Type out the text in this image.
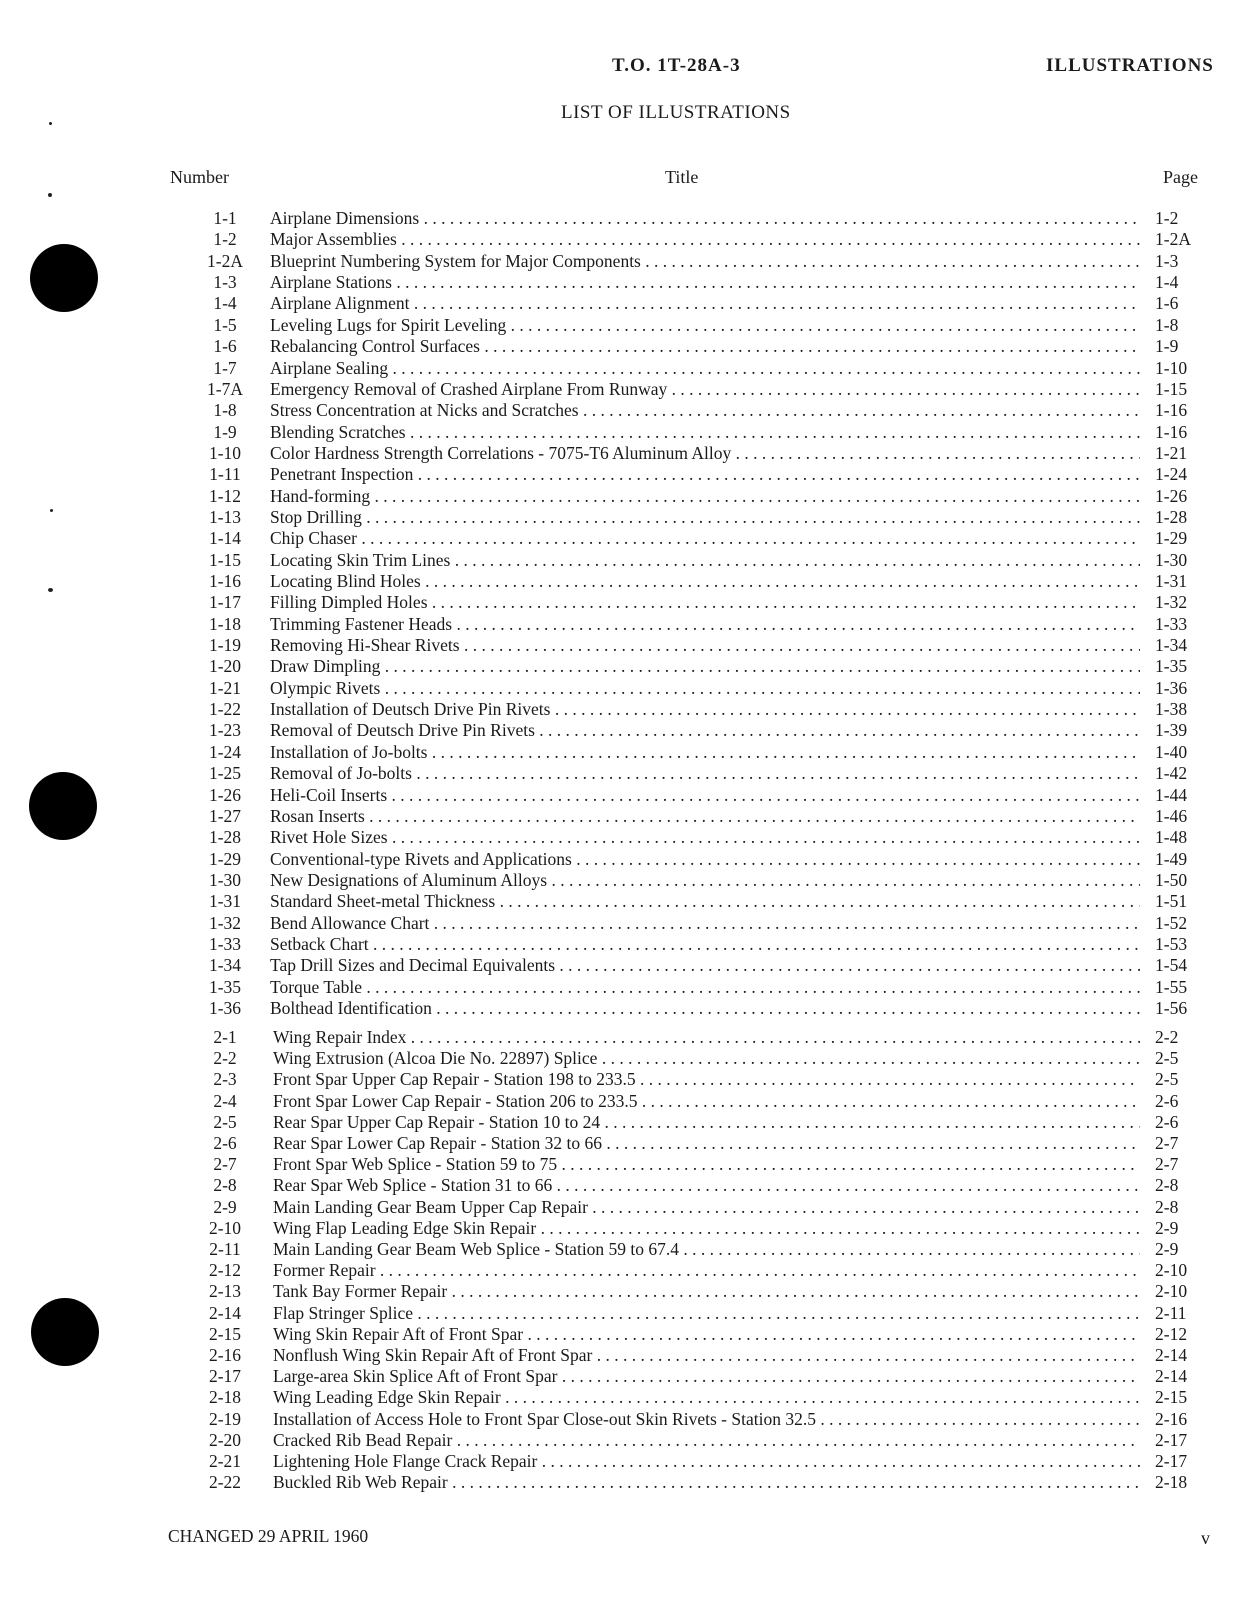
T.O. 1T-28A-3	ILLUSTRATIONS
LIST OF ILLUSTRATIONS
Number	Title	Page
1-1	Airplane Dimensions . . .	1-2
1-2	Major Assemblies . . .	1-2A
1-2A	Blueprint Numbering System for Major Components . . .	1-3
1-3	Airplane Stations . . .	1-4
1-4	Airplane Alignment . . .	1-6
1-5	Leveling Lugs for Spirit Leveling . . .	1-8
1-6	Rebalancing Control Surfaces . . .	1-9
1-7	Airplane Sealing . . .	1-10
1-7A	Emergency Removal of Crashed Airplane From Runway . . .	1-15
1-8	Stress Concentration at Nicks and Scratches . . .	1-16
1-9	Blending Scratches . . .	1-16
1-10	Color Hardness Strength Correlations - 7075-T6 Aluminum Alloy . . .	1-21
1-11	Penetrant Inspection . . .	1-24
1-12	Hand-forming . . .	1-26
1-13	Stop Drilling . . .	1-28
1-14	Chip Chaser . . .	1-29
1-15	Locating Skin Trim Lines . . .	1-30
1-16	Locating Blind Holes . . .	1-31
1-17	Filling Dimpled Holes . . .	1-32
1-18	Trimming Fastener Heads . . .	1-33
1-19	Removing Hi-Shear Rivets . . .	1-34
1-20	Draw Dimpling . . .	1-35
1-21	Olympic Rivets . . .	1-36
1-22	Installation of Deutsch Drive Pin Rivets . . .	1-38
1-23	Removal of Deutsch Drive Pin Rivets . . .	1-39
1-24	Installation of Jo-bolts . . .	1-40
1-25	Removal of Jo-bolts . . .	1-42
1-26	Heli-Coil Inserts . . .	1-44
1-27	Rosan Inserts . . .	1-46
1-28	Rivet Hole Sizes . . .	1-48
1-29	Conventional-type Rivets and Applications . . .	1-49
1-30	New Designations of Aluminum Alloys . . .	1-50
1-31	Standard Sheet-metal Thickness . . .	1-51
1-32	Bend Allowance Chart . . .	1-52
1-33	Setback Chart . . .	1-53
1-34	Tap Drill Sizes and Decimal Equivalents . . .	1-54
1-35	Torque Table . . .	1-55
1-36	Bolthead Identification . . .	1-56
2-1	Wing Repair Index . . .	2-2
2-2	Wing Extrusion (Alcoa Die No. 22897) Splice . . .	2-5
2-3	Front Spar Upper Cap Repair - Station 198 to 233.5 . . .	2-5
2-4	Front Spar Lower Cap Repair - Station 206 to 233.5 . . .	2-6
2-5	Rear Spar Upper Cap Repair - Station 10 to 24 . . .	2-6
2-6	Rear Spar Lower Cap Repair - Station 32 to 66 . . .	2-7
2-7	Front Spar Web Splice - Station 59 to 75 . . .	2-7
2-8	Rear Spar Web Splice - Station 31 to 66 . . .	2-8
2-9	Main Landing Gear Beam Upper Cap Repair . . .	2-8
2-10	Wing Flap Leading Edge Skin Repair . . .	2-9
2-11	Main Landing Gear Beam Web Splice - Station 59 to 67.4 . . .	2-9
2-12	Former Repair . . .	2-10
2-13	Tank Bay Former Repair . . .	2-10
2-14	Flap Stringer Splice . . .	2-11
2-15	Wing Skin Repair Aft of Front Spar . . .	2-12
2-16	Nonflush Wing Skin Repair Aft of Front Spar . . .	2-14
2-17	Large-area Skin Splice Aft of Front Spar . . .	2-14
2-18	Wing Leading Edge Skin Repair . . .	2-15
2-19	Installation of Access Hole to Front Spar Close-out Skin Rivets - Station 32.5 . . .	2-16
2-20	Cracked Rib Bead Repair . . .	2-17
2-21	Lightening Hole Flange Crack Repair . . .	2-17
2-22	Buckled Rib Web Repair . . .	2-18
CHANGED 29 APRIL 1960	v
